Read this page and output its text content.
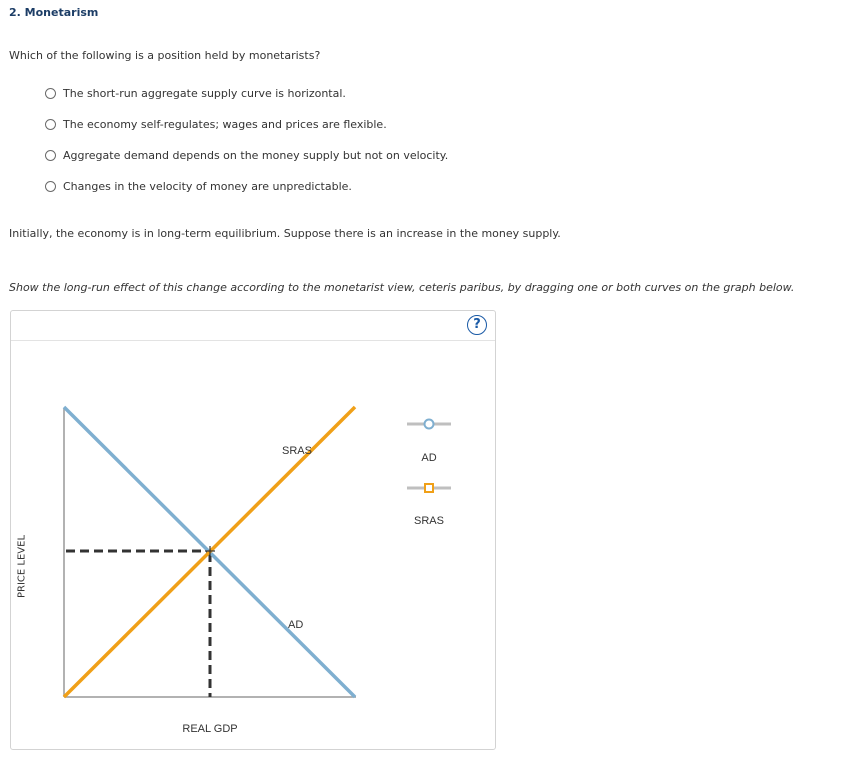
2. Monetarism
Which of the following is a position held by monetarists?
The short-run aggregate supply curve is horizontal.
The economy self-regulates; wages and prices are flexible.
Aggregate demand depends on the money supply but not on velocity.
Changes in the velocity of money are unpredictable.
Initially, the economy is in long-term equilibrium. Suppose there is an increase in the money supply.
Show the long-run effect of this change according to the monetarist view, ceteris paribus, by dragging one or both curves on the graph below.
?
SRAS
AD
REAL GDP
AD
SRAS
PRICE LEVEL
